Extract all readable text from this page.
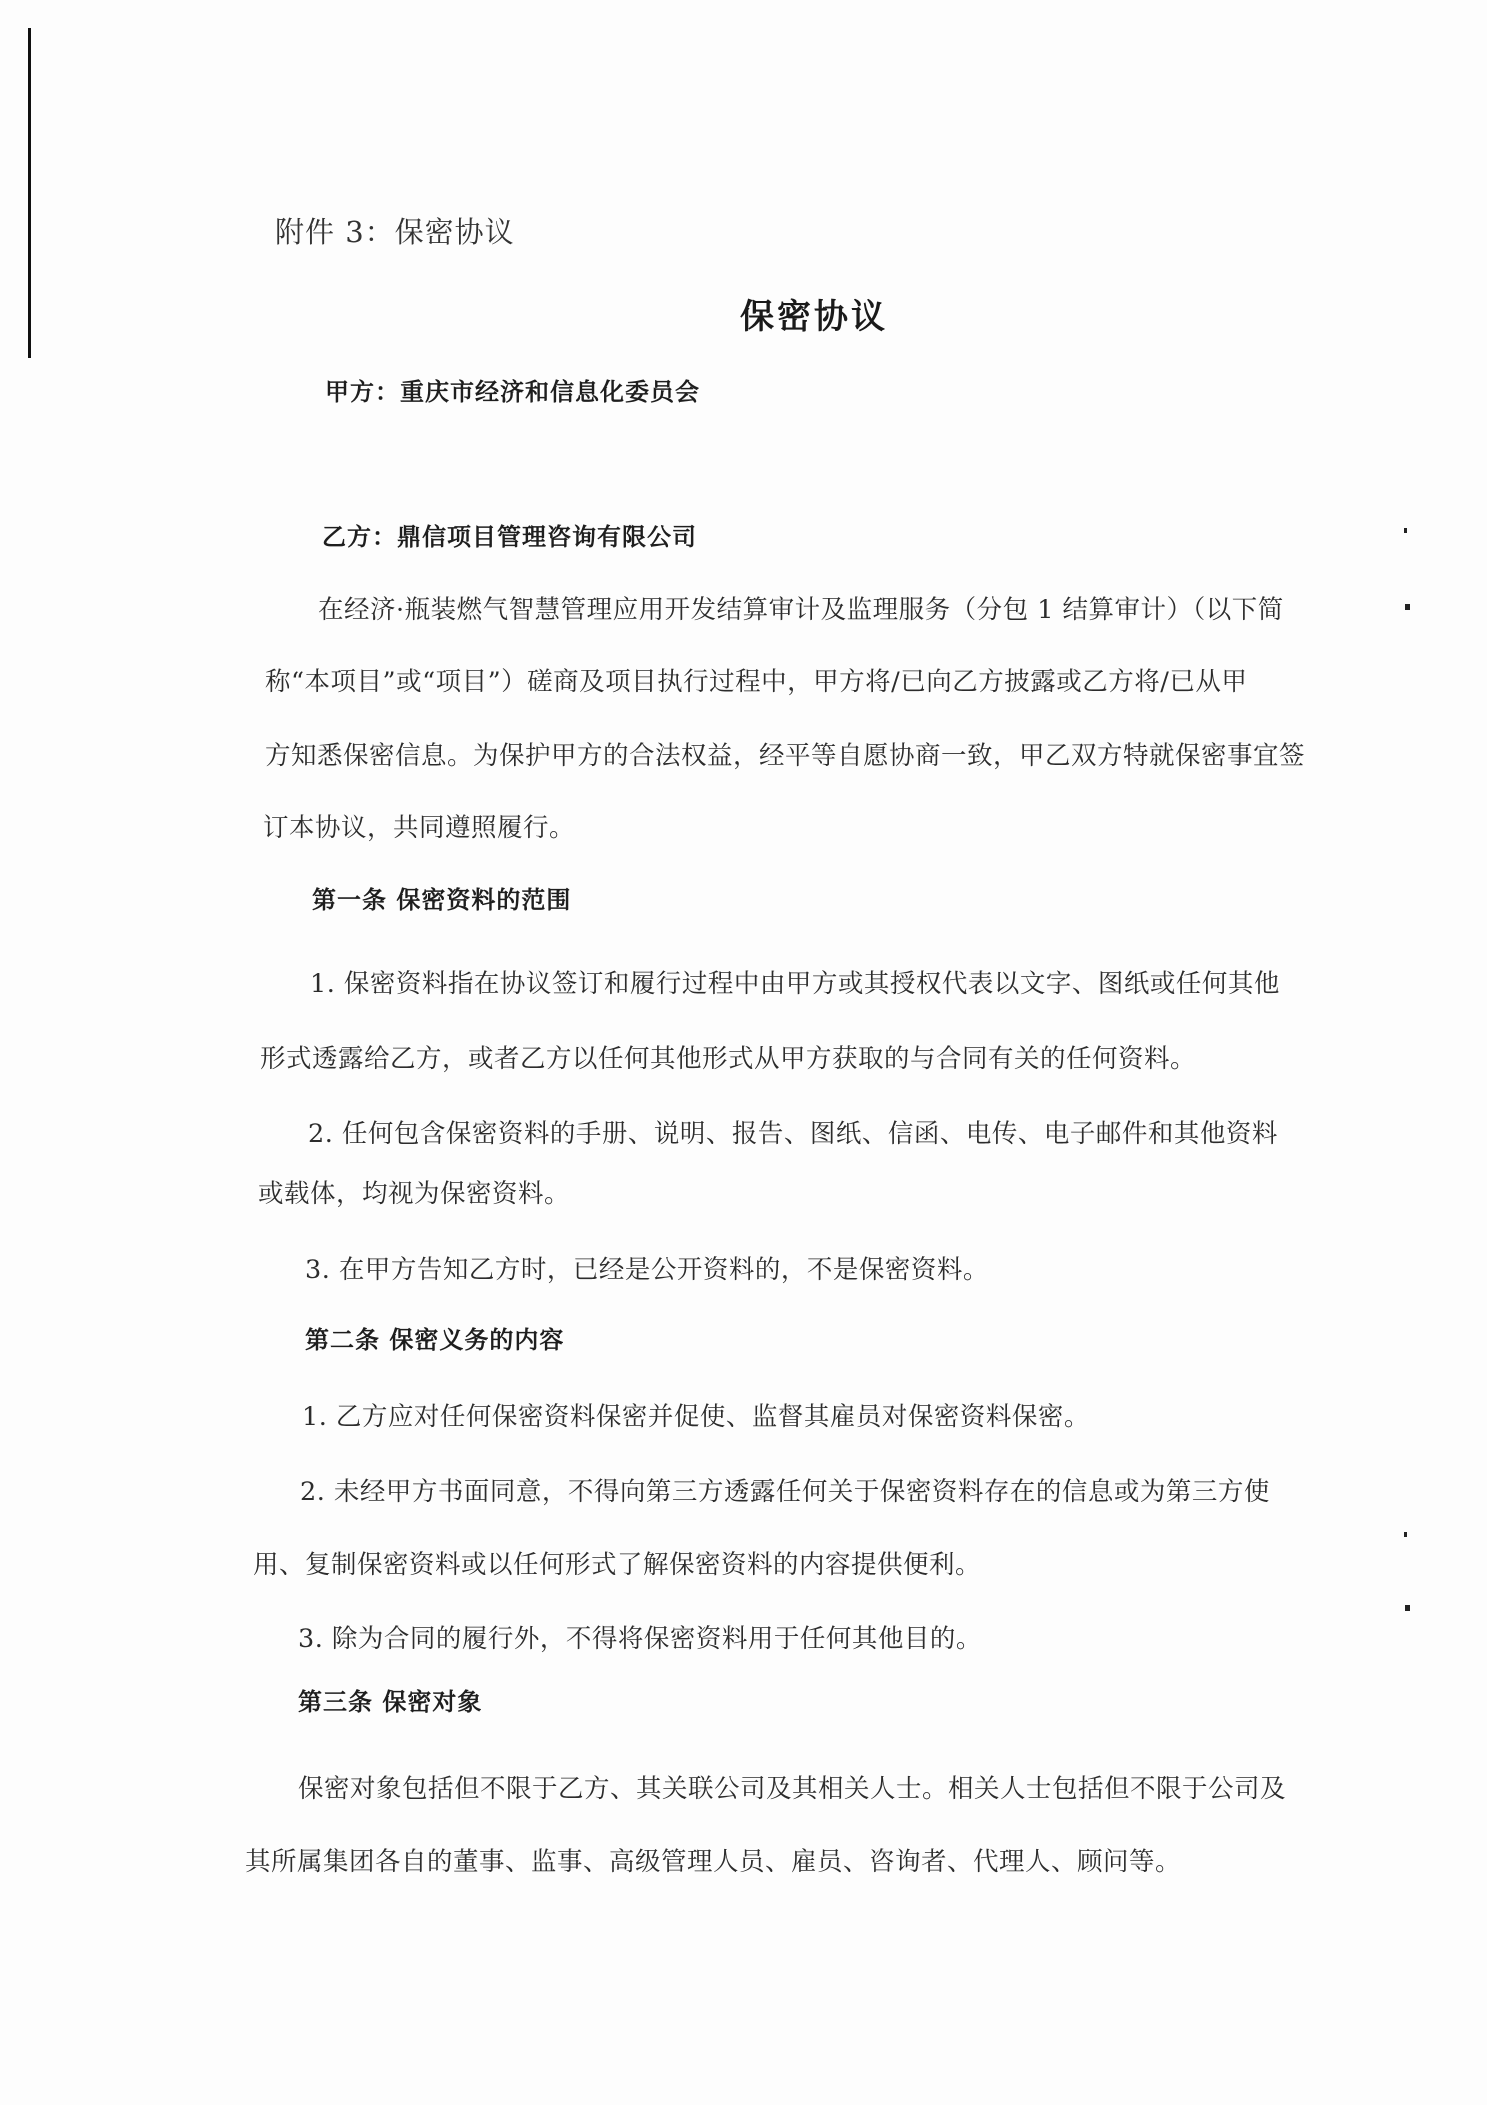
附件 3：保密协议

保密协议

甲方：重庆市经济和信息化委员会

乙方：鼎信项目管理咨询有限公司

在经济·瓶装燃气智慧管理应用开发结算审计及监理服务（分包 1 结算审计）（以下简

称“本项目”或“项目”）磋商及项目执行过程中，甲方将/已向乙方披露或乙方将/已从甲

方知悉保密信息。为保护甲方的合法权益，经平等自愿协商一致，甲乙双方特就保密事宜签

订本协议，共同遵照履行。

第一条 保密资料的范围

1. 保密资料指在协议签订和履行过程中由甲方或其授权代表以文字、图纸或任何其他

形式透露给乙方，或者乙方以任何其他形式从甲方获取的与合同有关的任何资料。

2. 任何包含保密资料的手册、说明、报告、图纸、信函、电传、电子邮件和其他资料

或载体，均视为保密资料。

3. 在甲方告知乙方时，已经是公开资料的，不是保密资料。

第二条 保密义务的内容

1. 乙方应对任何保密资料保密并促使、监督其雇员对保密资料保密。

2. 未经甲方书面同意，不得向第三方透露任何关于保密资料存在的信息或为第三方使

用、复制保密资料或以任何形式了解保密资料的内容提供便利。

3. 除为合同的履行外，不得将保密资料用于任何其他目的。

第三条 保密对象

保密对象包括但不限于乙方、其关联公司及其相关人士。相关人士包括但不限于公司及

其所属集团各自的董事、监事、高级管理人员、雇员、咨询者、代理人、顾问等。
